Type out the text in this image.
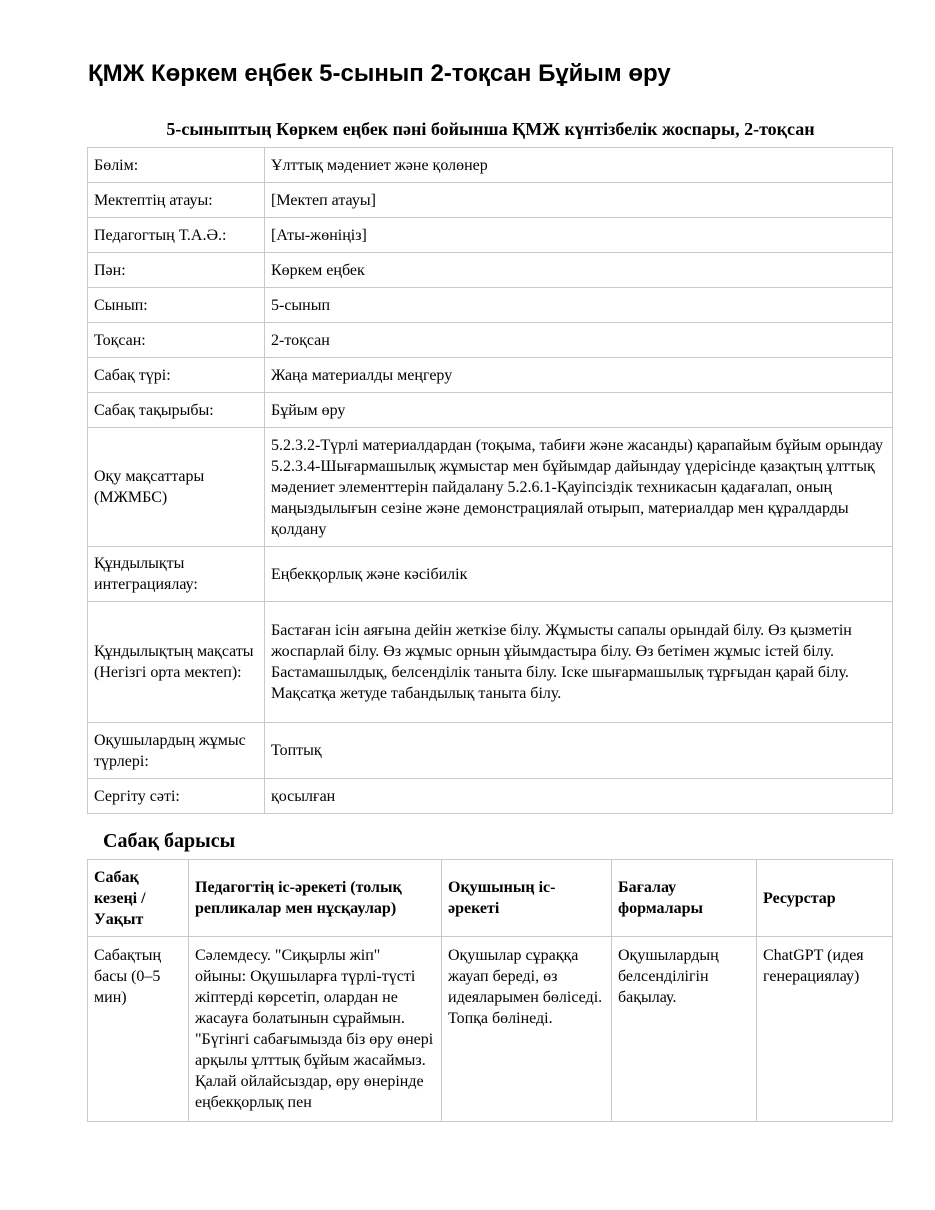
ҚМЖ Көркем еңбек 5-сынып 2-тоқсан Бұйым өру
5-сыныптың Көркем еңбек пәні бойынша ҚМЖ күнтізбелік жоспары, 2-тоқсан
Бөлім:	Ұлттық мәдениет және қолөнер
Мектептің атауы:	[Мектеп атауы]
Педагогтың Т.А.Ә.:	[Аты-жөніңіз]
Пән:	Көркем еңбек
Сынып:	5-сынып
Тоқсан:	2-тоқсан
Сабақ түрі:	Жаңа материалды меңгеру
Сабақ тақырыбы:	Бұйым өру
Оқу мақсаттары (МЖМБС)	5.2.3.2-Түрлі материалдардан (тоқыма, табиғи және жасанды) қарапайым бұйым орындау 5.2.3.4-Шығармашылық жұмыстар мен бұйымдар дайындау үдерісінде қазақтың ұлттық мәдениет элементтерін пайдалану 5.2.6.1-Қауіпсіздік техникасын қадағалап, оның маңыздылығын сезіне және демонстрациялай отырып, материалдар мен құралдарды қолдану
Құндылықты интеграциялау:	Еңбекқорлық және кәсібилік
Құндылықтың мақсаты (Негізгі орта мектеп):	Бастаған ісін аяғына дейін жеткізе білу. Жұмысты сапалы орындай білу. Өз қызметін жоспарлай білу. Өз жұмыс орнын ұйымдастыра білу. Өз бетімен жұмыс істей білу. Бастамашылдық, белсенділік таныта білу. Іске шығармашылық тұрғыдан қарай білу. Мақсатқа жетуде табандылық таныта білу.
Оқушылардың жұмыс түрлері:	Топтық
Сергіту сәті:	қосылған
Сабақ барысы
Сабақ кезеңі / Уақыт	Педагогтің іс-әрекеті (толық репликалар мен нұсқаулар)	Оқушының іс-әрекеті	Бағалау формалары	Ресурстар
Сабақтың басы (0–5 мин)	Сәлемдесу. "Сиқырлы жіп" ойыны: Оқушыларға түрлі-түсті жіптерді көрсетіп, олардан не жасауға болатынын сұраймын. "Бүгінгі сабағымызда біз өру өнері арқылы ұлттық бұйым жасаймыз. Қалай ойлайсыздар, өру өнерінде еңбекқорлық пен	Оқушылар сұраққа жауап береді, өз идеяларымен бөліседі. Топқа бөлінеді.	Оқушылардың белсенділігін бақылау.	ChatGPT (идея генерациялау)
